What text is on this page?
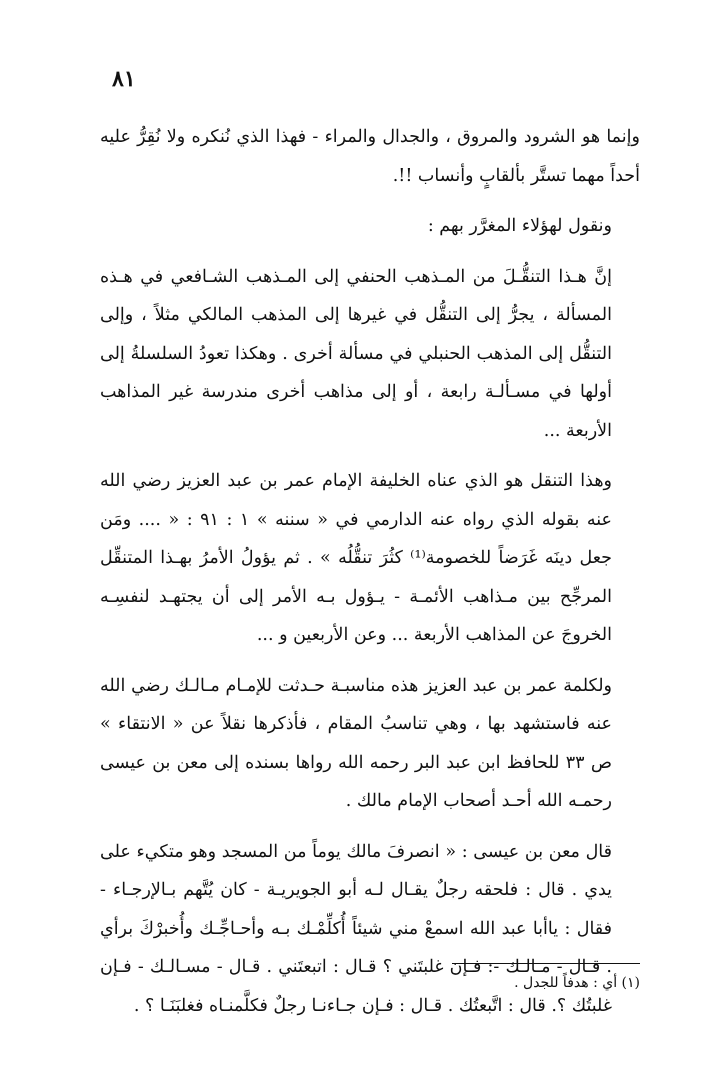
٨١

وإنما هو الشرود والمروق ، والجدال والمراء - فهذا الذي نُنكره ولا نُقِرُّ عليه أحداً مهما تستَّر بألقابٍ وأنساب !!.

ونقول لهؤلاء المغرَّر بهم :

إنَّ هـذا التنقُّـلَ من المـذهب الحنفي إلى المـذهب الشـافعي في هـذه المسألة ، يجرُّ إلى التنقُّل في غيرها إلى المذهب المالكي مثلاً ، وإلى التنقُّل إلى المذهب الحنبلي في مسألة أخرى . وهكذا تعودُ السلسلةُ إلى أولها في مسـألـة رابعة ، أو إلى مذاهب أخرى مندرسة غير المذاهب الأربعة ...

وهذا التنقل هو الذي عناه الخليفة الإمام عمر بن عبد العزيز رضي الله عنه بقوله الذي رواه عنه الدارمي في « سننه » ١ : ٩١ : « .... ومَن جعل دينَه غَرَضاً للخصومة⁽¹⁾ كثُرَ تنقُّلُه » . ثم يؤولُ الأمرُ بهـذا المتنقِّل المرجِّح بين مـذاهب الأئمـة - يـؤول بـه الأمر إلى أن يجتهـد لنفسِـه الخروجَ عن المذاهب الأربعة ... وعن الأربعين و ...

ولكلمة عمر بن عبد العزيز هذه مناسبـة حـدثت للإمـام مـالـك رضي الله عنه فاستشهد بها ، وهي تناسبُ المقام ، فأذكرها نقلاً عن « الانتقاء » ص ٣٣ للحافظ ابن عبد البر رحمه الله رواها بسنده إلى معن بن عيسى رحمـه الله أحـد أصحاب الإمام مالك .

قال معن بن عيسى : « انصرفَ مالك يوماً من المسجد وهو متكيء على يدي . قال : فلحقه رجلٌ يقـال لـه أبو الجويريـة - كان يُتَّهم بـالإرجـاء - فقال : ياأبا عبد الله اسمعْ مني شيئاً أُكلِّمْـك بـه وأحـاجِّـك وأُخبرْكَ برأي . قـال - مـالـك -: فـإن غلبتَني ؟ قـال : اتبعتَني . قـال - مسـالـك - فـإن غلبتُك ؟. قال : اتَّبعتُك . قـال : فـإن جـاءنـا رجلٌ فكلَّمنـاه فغلبَنَـا ؟ .

(١) أي : هدفاً للجدل .
